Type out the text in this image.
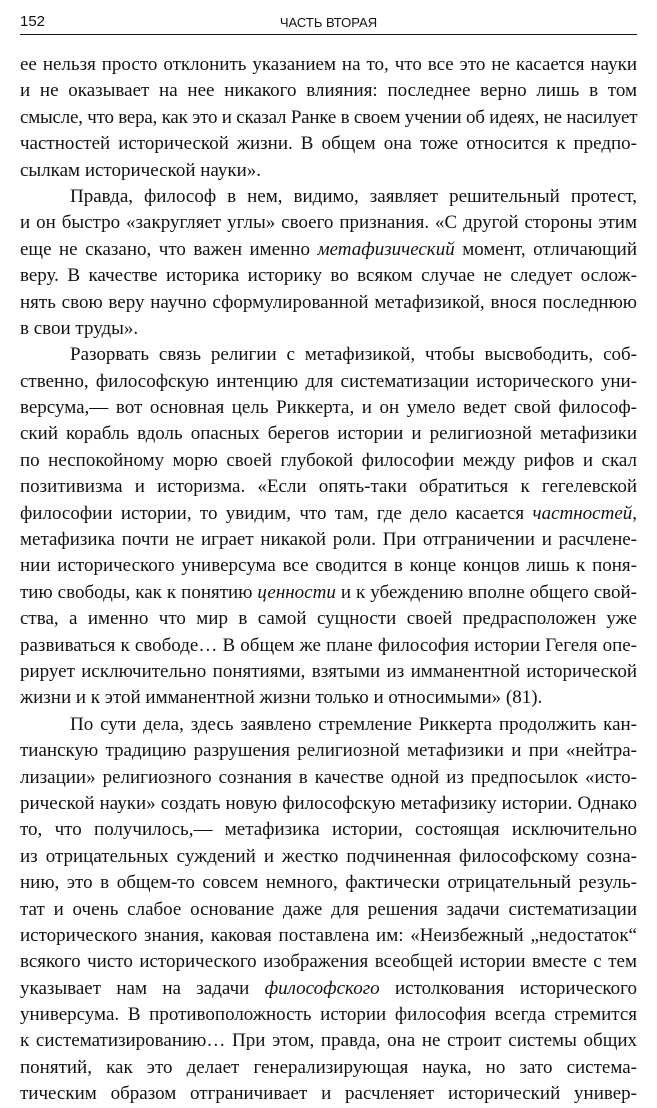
152	ЧАСТЬ ВТОРАЯ
ее нельзя просто отклонить указанием на то, что все это не касается науки
и не оказывает на нее никакого влияния: последнее верно лишь в том
смысле, что вера, как это и сказал Ранке в своем учении об идеях, не насилует
частностей исторической жизни. В общем она тоже относится к предпо-
сылкам исторической науки».
Правда, философ в нем, видимо, заявляет решительный протест,
и он быстро «закругляет углы» своего признания. «С другой стороны этим
еще не сказано, что важен именно метафизический момент, отличающий
веру. В качестве историка историку во всяком случае не следует ослож-
нять свою веру научно сформулированной метафизикой, внося последнюю
в свои труды».
Разорвать связь религии с метафизикой, чтобы высвободить, соб-
ственно, философскую интенцию для систематизации исторического уни-
версума,— вот основная цель Риккерта, и он умело ведет свой философ-
ский корабль вдоль опасных берегов истории и религиозной метафизики
по неспокойному морю своей глубокой философии между рифов и скал
позитивизма и историзма. «Если опять-таки обратиться к гегелевской
философии истории, то увидим, что там, где дело касается частностей,
метафизика почти не играет никакой роли. При отграничении и расчлене-
нии исторического универсума все сводится в конце концов лишь к поня-
тию свободы, как к понятию ценности и к убеждению вполне общего свой-
ства, а именно что мир в самой сущности своей предрасположен уже
развиваться к свободе… В общем же плане философия истории Гегеля опе-
рирует исключительно понятиями, взятыми из имманентной исторической
жизни и к этой имманентной жизни только и относимыми» (81).
По сути дела, здесь заявлено стремление Риккерта продолжить кан-
тианскую традицию разрушения религиозной метафизики и при «нейтра-
лизации» религиозного сознания в качестве одной из предпосылок «исто-
рической науки» создать новую философскую метафизику истории. Однако
то, что получилось,— метафизика истории, состоящая исключительно
из отрицательных суждений и жестко подчиненная философскому созна-
нию, это в общем-то совсем немного, фактически отрицательный резуль-
тат и очень слабое основание даже для решения задачи систематизации
исторического знания, каковая поставлена им: «Неизбежный „недостаток“
всякого чисто исторического изображения всеобщей истории вместе с тем
указывает нам на задачи философского истолкования исторического
универсума. В противоположность истории философия всегда стремится
к систематизированию… При этом, правда, она не строит системы общих
понятий, как это делает генерализирующая наука, но зато система-
тическим образом отграничивает и расчленяет исторический универ-
